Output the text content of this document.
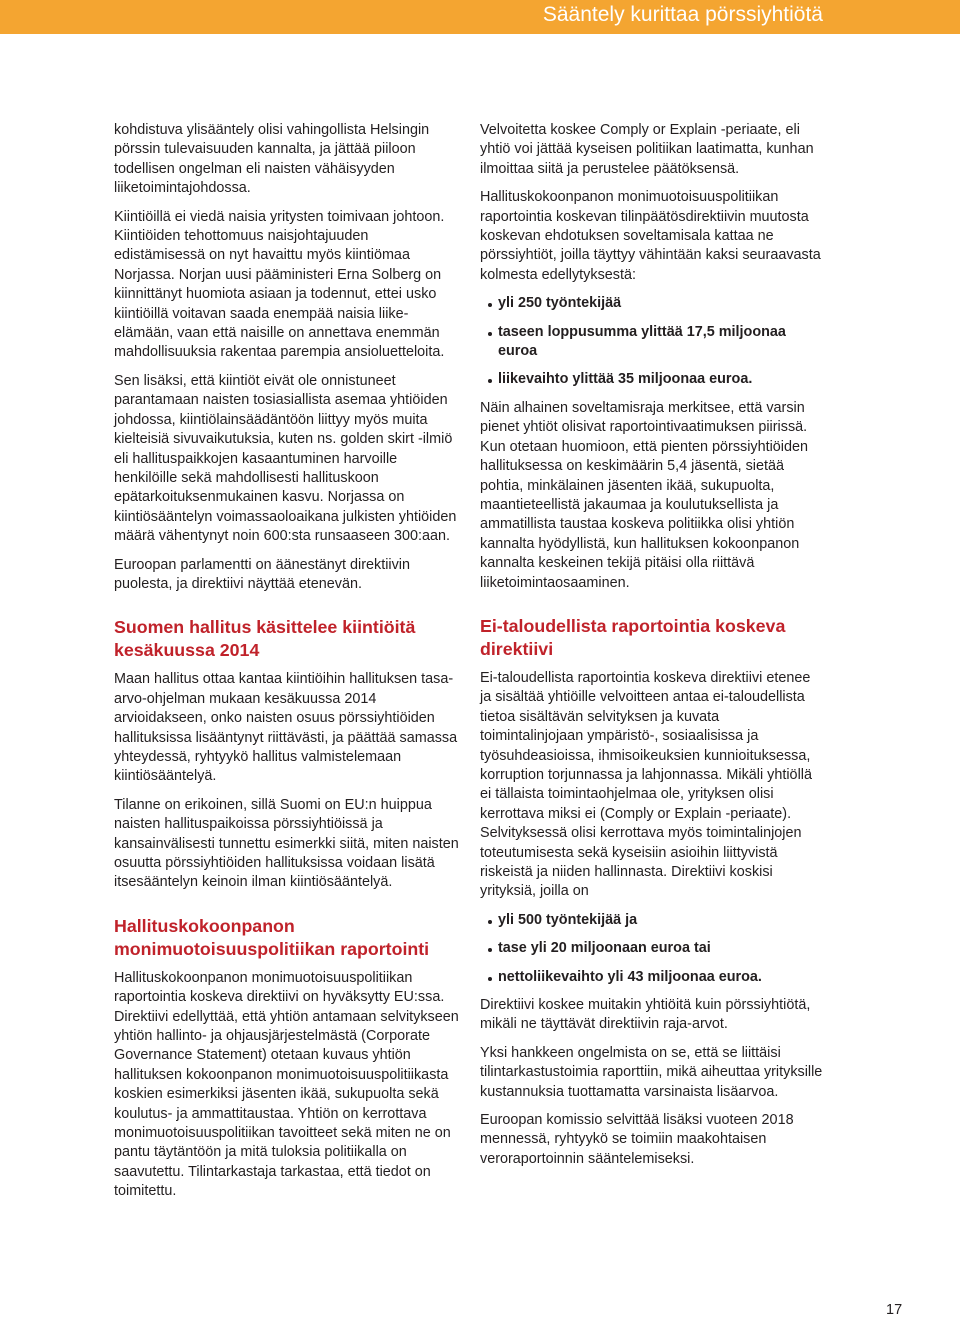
Sääntely kurittaa pörssiyhtiötä

kohdistuva ylisääntely olisi vahingollista Helsingin pörssin tulevaisuuden kannalta, ja jättää piiloon todellisen ongelman eli naisten vähäisyyden liiketoimintajohdossa.

Kiintiöillä ei viedä naisia yritysten toimivaan johtoon. Kiintiöiden tehottomuus naisjohtajuuden edistämisessä on nyt havaittu myös kiintiömaa Norjassa. Norjan uusi pääministeri Erna Solberg on kiinnittänyt huomiota asiaan ja todennut, ettei usko kiintiöillä voitavan saada enempää naisia liike-elämään, vaan että naisille on annettava enemmän mahdollisuuksia rakentaa parempia ansioluetteloita.

Sen lisäksi, että kiintiöt eivät ole onnistuneet parantamaan naisten tosiasiallista asemaa yhtiöiden johdossa, kiintiölainsäädäntöön liittyy myös muita kielteisiä sivuvaikutuksia, kuten ns. golden skirt -ilmiö eli hallituspaikkojen kasaantuminen harvoille henkilöille sekä mahdollisesti hallituskoon epätarkoituksenmukainen kasvu. Norjassa on kiintiösääntelyn voimassaoloaikana julkisten yhtiöiden määrä vähentynyt noin 600:sta runsaaseen 300:aan.

Euroopan parlamentti on äänestänyt direktiivin puolesta, ja direktiivi näyttää etenevän.

Suomen hallitus käsittelee kiintiöitä kesäkuussa 2014

Maan hallitus ottaa kantaa kiintiöihin hallituksen tasa-arvo-ohjelman mukaan kesäkuussa 2014 arvioidakseen, onko naisten osuus pörssiyhtiöiden hallituksissa lisääntynyt riittävästi, ja päättää samassa yhteydessä, ryhtyykö hallitus valmistelemaan kiintiösääntelyä.

Tilanne on erikoinen, sillä Suomi on EU:n huippua naisten hallituspaikoissa pörssiyhtiöissä ja kansainvälisesti tunnettu esimerkki siitä, miten naisten osuutta pörssiyhtiöiden hallituksissa voidaan lisätä itsesääntelyn keinoin ilman kiintiösääntelyä.

Hallituskokoonpanon monimuotoisuuspolitiikan raportointi

Hallituskokoonpanon monimuotoisuuspolitiikan raportointia koskeva direktiivi on hyväksytty EU:ssa. Direktiivi edellyttää, että yhtiön antamaan selvitykseen yhtiön hallinto- ja ohjausjärjestelmästä (Corporate Governance Statement) otetaan kuvaus yhtiön hallituksen kokoonpanon monimuotoisuuspolitiikasta koskien esimerkiksi jäsenten ikää, sukupuolta sekä koulutus- ja ammattitaustaa. Yhtiön on kerrottava monimuotoisuuspolitiikan tavoitteet sekä miten ne on pantu täytäntöön ja mitä tuloksia politiikalla on saavutettu. Tilintarkastaja tarkastaa, että tiedot on toimitettu.

Velvoitetta koskee Comply or Explain -periaate, eli yhtiö voi jättää kyseisen politiikan laatimatta, kunhan ilmoittaa siitä ja perustelee päätöksensä.

Hallituskokoonpanon monimuotoisuuspolitiikan raportointia koskevan tilinpäätösdirektiivin muutosta koskevan ehdotuksen soveltamisala kattaa ne pörssiyhtiöt, joilla täyttyy vähintään kaksi seuraavasta kolmesta edellytyksestä:

yli 250 työntekijää
taseen loppusumma ylittää 17,5 miljoonaa euroa
liikevaihto ylittää 35 miljoonaa euroa.

Näin alhainen soveltamisraja merkitsee, että varsin pienet yhtiöt olisivat raportointivaatimuksen piirissä. Kun otetaan huomioon, että pienten pörssiyhtiöiden hallituksessa on keskimäärin 5,4 jäsentä, sietää pohtia, minkälainen jäsenten ikää, sukupuolta, maantieteellistä jakaumaa ja koulutuksellista ja ammatillista taustaa koskeva politiikka olisi yhtiön kannalta hyödyllistä, kun hallituksen kokoonpanon kannalta keskeinen tekijä pitäisi olla riittävä liiketoimintaosaaminen.

Ei-taloudellista raportointia koskeva direktiivi

Ei-taloudellista raportointia koskeva direktiivi etenee ja sisältää yhtiöille velvoitteen antaa ei-taloudellista tietoa sisältävän selvityksen ja kuvata toimintalinjojaan ympäristö-, sosiaalisissa ja työsuhdeasioissa, ihmisoikeuksien kunnioituksessa, korruption torjunnassa ja lahjonnassa. Mikäli yhtiöllä ei tällaista toimintaohjelmaa ole, yrityksen olisi kerrottava miksi ei (Comply or Explain -periaate). Selvityksessä olisi kerrottava myös toimintalinjojen toteutumisesta sekä kyseisiin asioihin liittyvistä riskeistä ja niiden hallinnasta. Direktiivi koskisi yrityksiä, joilla on

yli 500 työntekijää ja
tase yli 20 miljoonaan euroa tai
nettoliikevaihto yli 43 miljoonaa euroa.

Direktiivi koskee muitakin yhtiöitä kuin pörssiyhtiötä, mikäli ne täyttävät direktiivin raja-arvot.

Yksi hankkeen ongelmista on se, että se liittäisi tilintarkastustoimia raporttiin, mikä aiheuttaa yrityksille kustannuksia tuottamatta varsinaista lisäarvoa.

Euroopan komissio selvittää lisäksi vuoteen 2018 mennessä, ryhtyykö se toimiin maakohtaisen veroraportoinnin sääntelemiseksi.

17
